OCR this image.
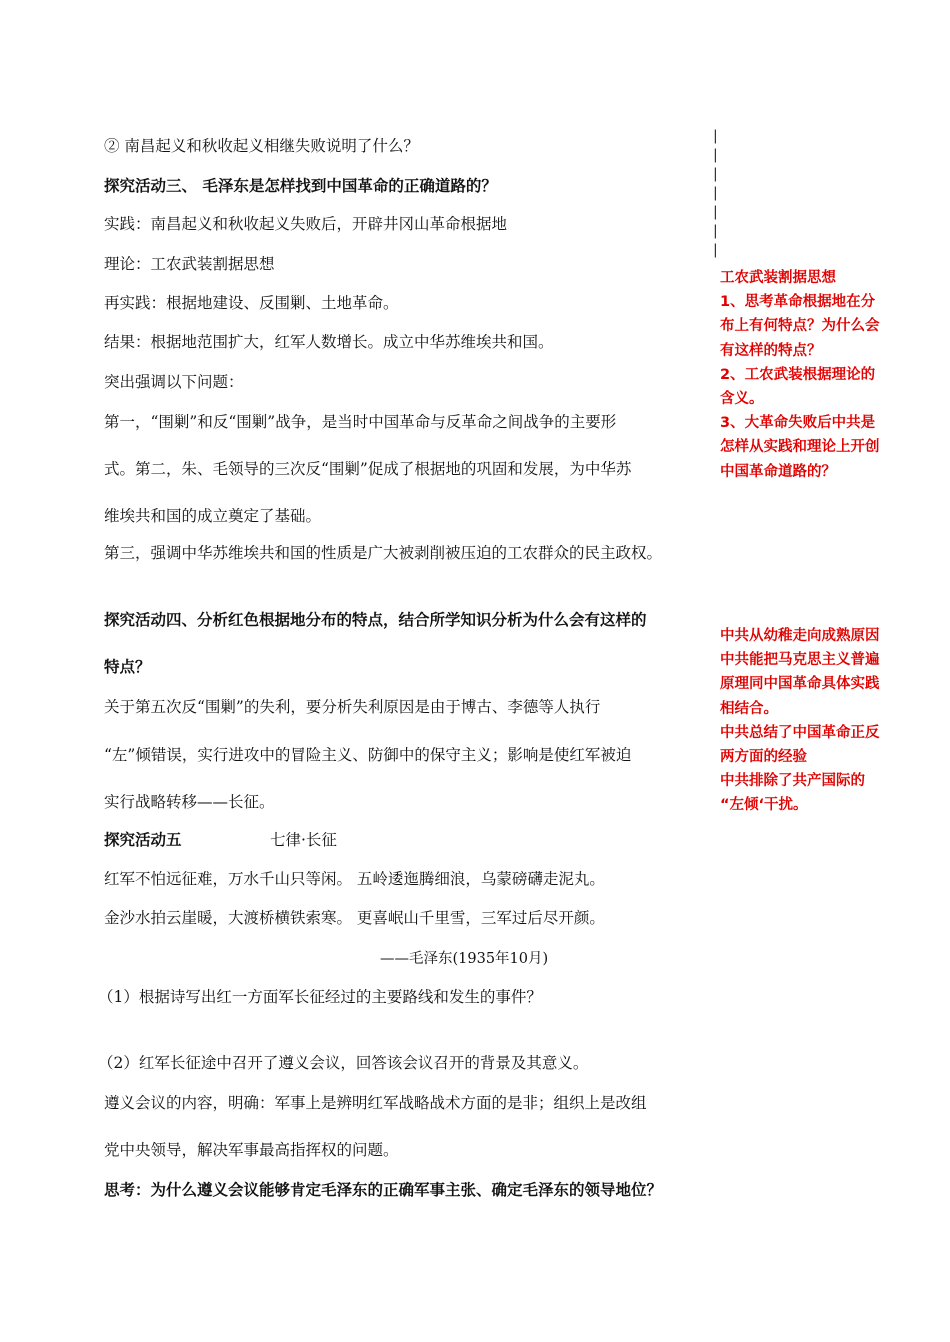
② 南昌起义和秋收起义相继失败说明了什么？
探究活动三、 毛泽东是怎样找到中国革命的正确道路的？
实践：南昌起义和秋收起义失败后，开辟井冈山革命根据地
理论：工农武装割据思想
再实践：根据地建设、反围剿、土地革命。
结果：根据地范围扩大，红军人数增长。成立中华苏维埃共和国。
突出强调以下问题：
第一，“围剿”和反“围剿”战争，是当时中国革命与反革命之间战争的主要形
式。第二，朱、毛领导的三次反“围剿”促成了根据地的巩固和发展，为中华苏
维埃共和国的成立奠定了基础。
第三，强调中华苏维埃共和国的性质是广大被剥削被压迫的工农群众的民主政权。
探究活动四、分析红色根据地分布的特点，结合所学知识分析为什么会有这样的
特点？
关于第五次反“围剿”的失利，要分析失利原因是由于博古、李德等人执行
“左”倾错误，实行进攻中的冒险主义、防御中的保守主义；影响是使红军被迫
实行战略转移——长征。
探究活动五	七律·长征
红军不怕远征难，万水千山只等闲。 五岭逶迤腾细浪，乌蒙磅礴走泥丸。
金沙水拍云崖暖，大渡桥横铁索寒。 更喜岷山千里雪，三军过后尽开颜。
——毛泽东(1935年10月)
（1）根据诗写出红一方面军长征经过的主要路线和发生的事件？
（2）红军长征途中召开了遵义会议，回答该会议召开的背景及其意义。
遵义会议的内容，明确：军事上是辨明红军战略战术方面的是非；组织上是改组
党中央领导，解决军事最高指挥权的问题。
思考：为什么遵义会议能够肯定毛泽东的正确军事主张、确定毛泽东的领导地位？
|
|
|
|
|
|
|
工农武装割据思想
1、思考革命根据地在分
布上有何特点？为什么会
有这样的特点？
2、工农武装根据理论的
含义。
3、大革命失败后中共是
怎样从实践和理论上开创
中国革命道路的？
中共从幼稚走向成熟原因
中共能把马克思主义普遍
原理同中国革命具体实践
相结合。
中共总结了中国革命正反
两方面的经验
中共排除了共产国际的
“左倾‘干扰。
